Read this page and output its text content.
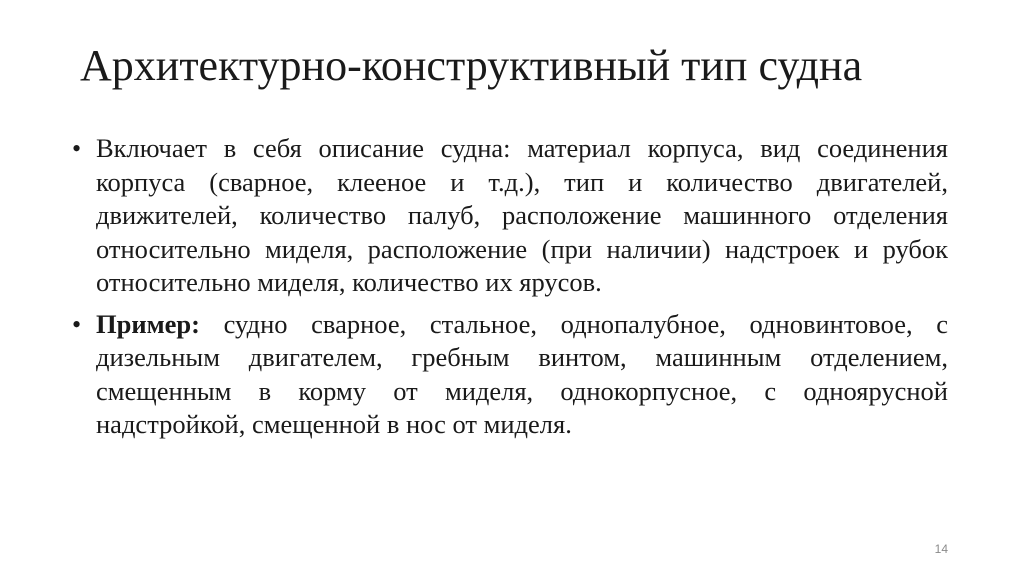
Архитектурно-конструктивный тип судна
• Включает в себя описание судна: материал корпуса, вид соединения корпуса (сварное, клееное и т.д.), тип и количество двигателей, движителей, количество палуб, расположение машинного отделения относительно миделя, расположение (при наличии) надстроек и рубок относительно миделя, количество их ярусов.
• Пример: судно сварное, стальное, однопалубное, одновинтовое, с дизельным двигателем, гребным винтом, машинным отделением, смещенным в корму от миделя, однокорпусное, с одноярусной надстройкой, смещенной в нос от миделя.
14
